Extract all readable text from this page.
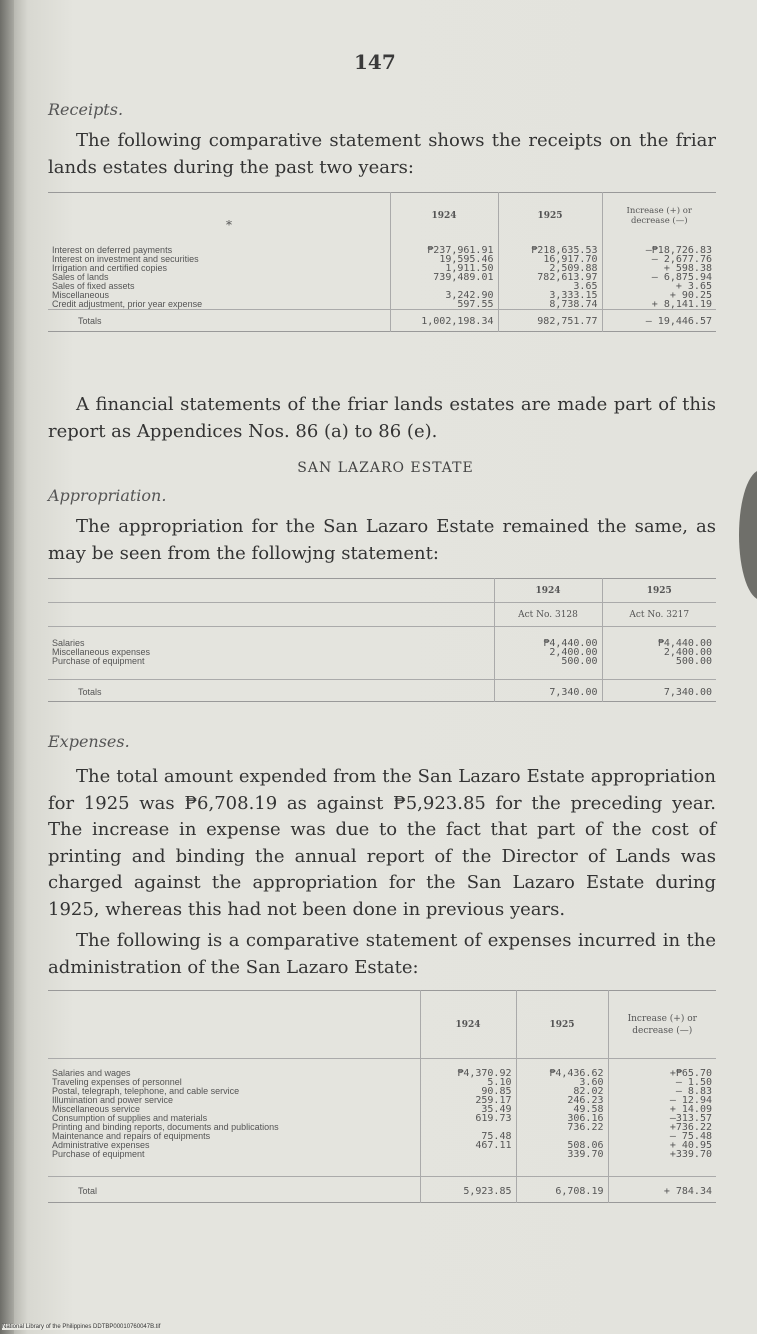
147
Receipts.
The following comparative statement shows the receipts on the friar lands estates during the past two years:
*
	1924	1925	Increase (+) or decrease (—)

Interest on deferred payments	₱237,961.91	₱218,635.53	—₱18,726.83
Interest on investment and securities	19,595.46	16,917.70	— 2,677.76
Irrigation and certified copies	1,911.50	2,509.88	+ 598.38
Sales of lands	739,489.01	782,613.97	— 6,875.94
Sales of fixed assets		3.65	+ 3.65
Miscellaneous	3,242.90	3,333.15	+ 90.25
Credit adjustment, prior year expense	597.55	8,738.74	+ 8,141.19
Totals	1,002,198.34	982,751.77	— 19,446.57
A financial statements of the friar lands estates are made part of this report as Appendices Nos. 86 (a) to 86 (e).
SAN LAZARO ESTATE
Appropriation.
The appropriation for the San Lazaro Estate remained the same, as may be seen from the followjng statement:
	1924	1925
	Act No. 3128	Act No. 3217

Salaries	₱4,440.00	₱4,440.00
Miscellaneous expenses	2,400.00	2,400.00
Purchase of equipment	500.00	500.00

Totals	7,340.00	7,340.00
Expenses.
The total amount expended from the San Lazaro Estate appropriation for 1925 was ₱6,708.19 as against ₱5,923.85 for the preceding year. The increase in expense was due to the fact that part of the cost of printing and binding the annual report of the Director of Lands was charged against the appropriation for the San Lazaro Estate during 1925, whereas this had not been done in previous years.
The following is a comparative statement of expenses incurred in the administration of the San Lazaro Estate:
	1924	1925	Increase (+) or decrease (—)

Salaries and wages	₱4,370.92	₱4,436.62	+₱65.70
Traveling expenses of personnel	5.10	3.60	— 1.50
Postal, telegraph, telephone, and cable service	90.85	82.02	— 8.83
Illumination and power service	259.17	246.23	— 12.94
Miscellaneous service	35.49	49.58	+ 14.09
Consumption of supplies and materials	619.73	306.16	—313.57
Printing and binding reports, documents and publications		736.22	+736.22
Maintenance and repairs of equipments	75.48		— 75.48
Administrative expenses	467.11	508.06	+ 40.95
Purchase of equipment		339.70	+339.70

Total	5,923.85	6,708.19	+ 784.34
National Library of the Philippines DDTBP00010760047B.tif
